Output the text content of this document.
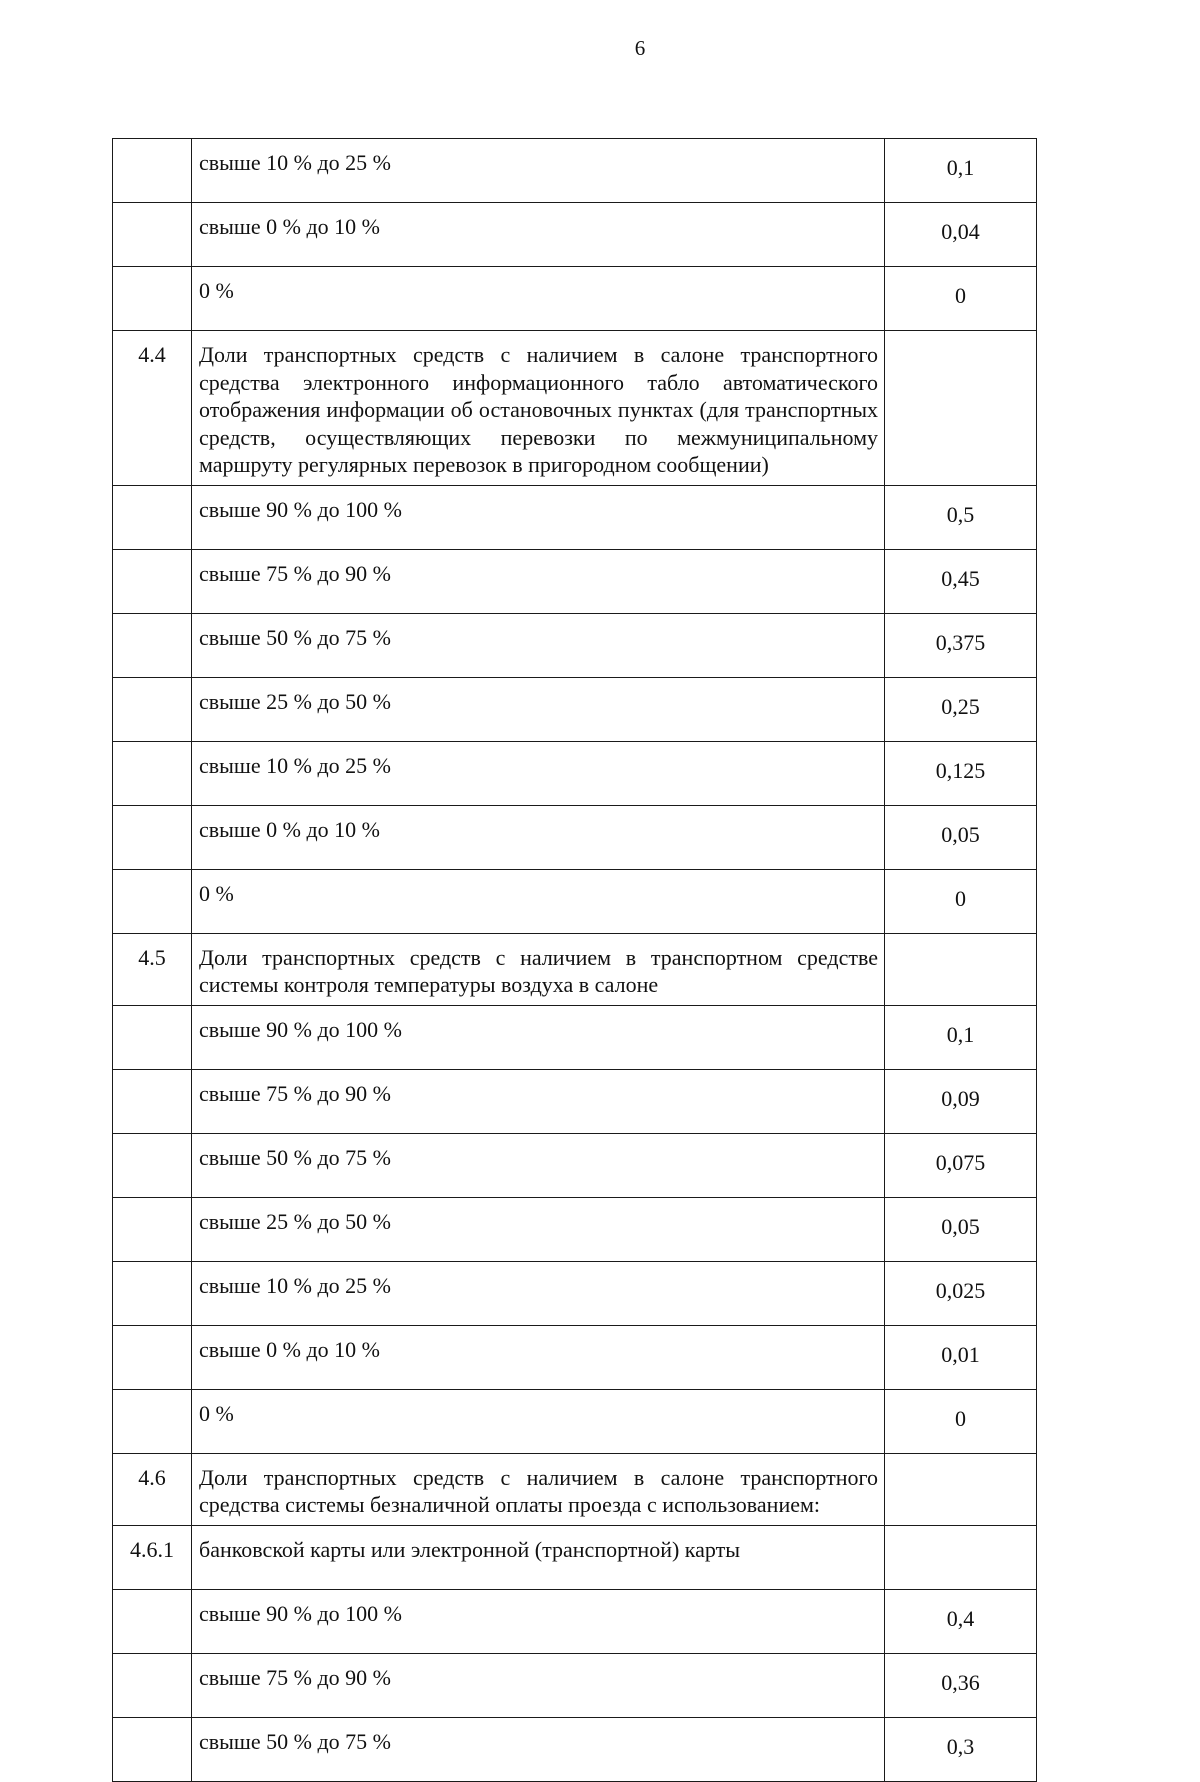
6
	свыше 10 % до 25 %	0,1
	свыше 0 % до 10 %	0,04
	0 %	0
4.4	Доли транспортных средств с наличием в салоне транспортного средства электронного информационного табло автоматического отображения информации об остановочных пунктах (для транспортных средств, осуществляющих перевозки по межмуниципальному маршруту регулярных перевозок в пригородном сообщении)	
	свыше 90 % до 100 %	0,5
	свыше 75 % до 90 %	0,45
	свыше 50 % до 75 %	0,375
	свыше 25 % до 50 %	0,25
	свыше 10 % до 25 %	0,125
	свыше 0 % до 10 %	0,05
	0 %	0
4.5	Доли транспортных средств с наличием в транспортном средстве системы контроля температуры воздуха в салоне	
	свыше 90 % до 100 %	0,1
	свыше 75 % до 90 %	0,09
	свыше 50 % до 75 %	0,075
	свыше 25 % до 50 %	0,05
	свыше 10 % до 25 %	0,025
	свыше 0 % до 10 %	0,01
	0 %	0
4.6	Доли транспортных средств с наличием в салоне транспортного средства системы безналичной оплаты проезда с использованием:	
4.6.1	банковской карты или электронной (транспортной) карты	
	свыше 90 % до 100 %	0,4
	свыше 75 % до 90 %	0,36
	свыше 50 % до 75 %	0,3
